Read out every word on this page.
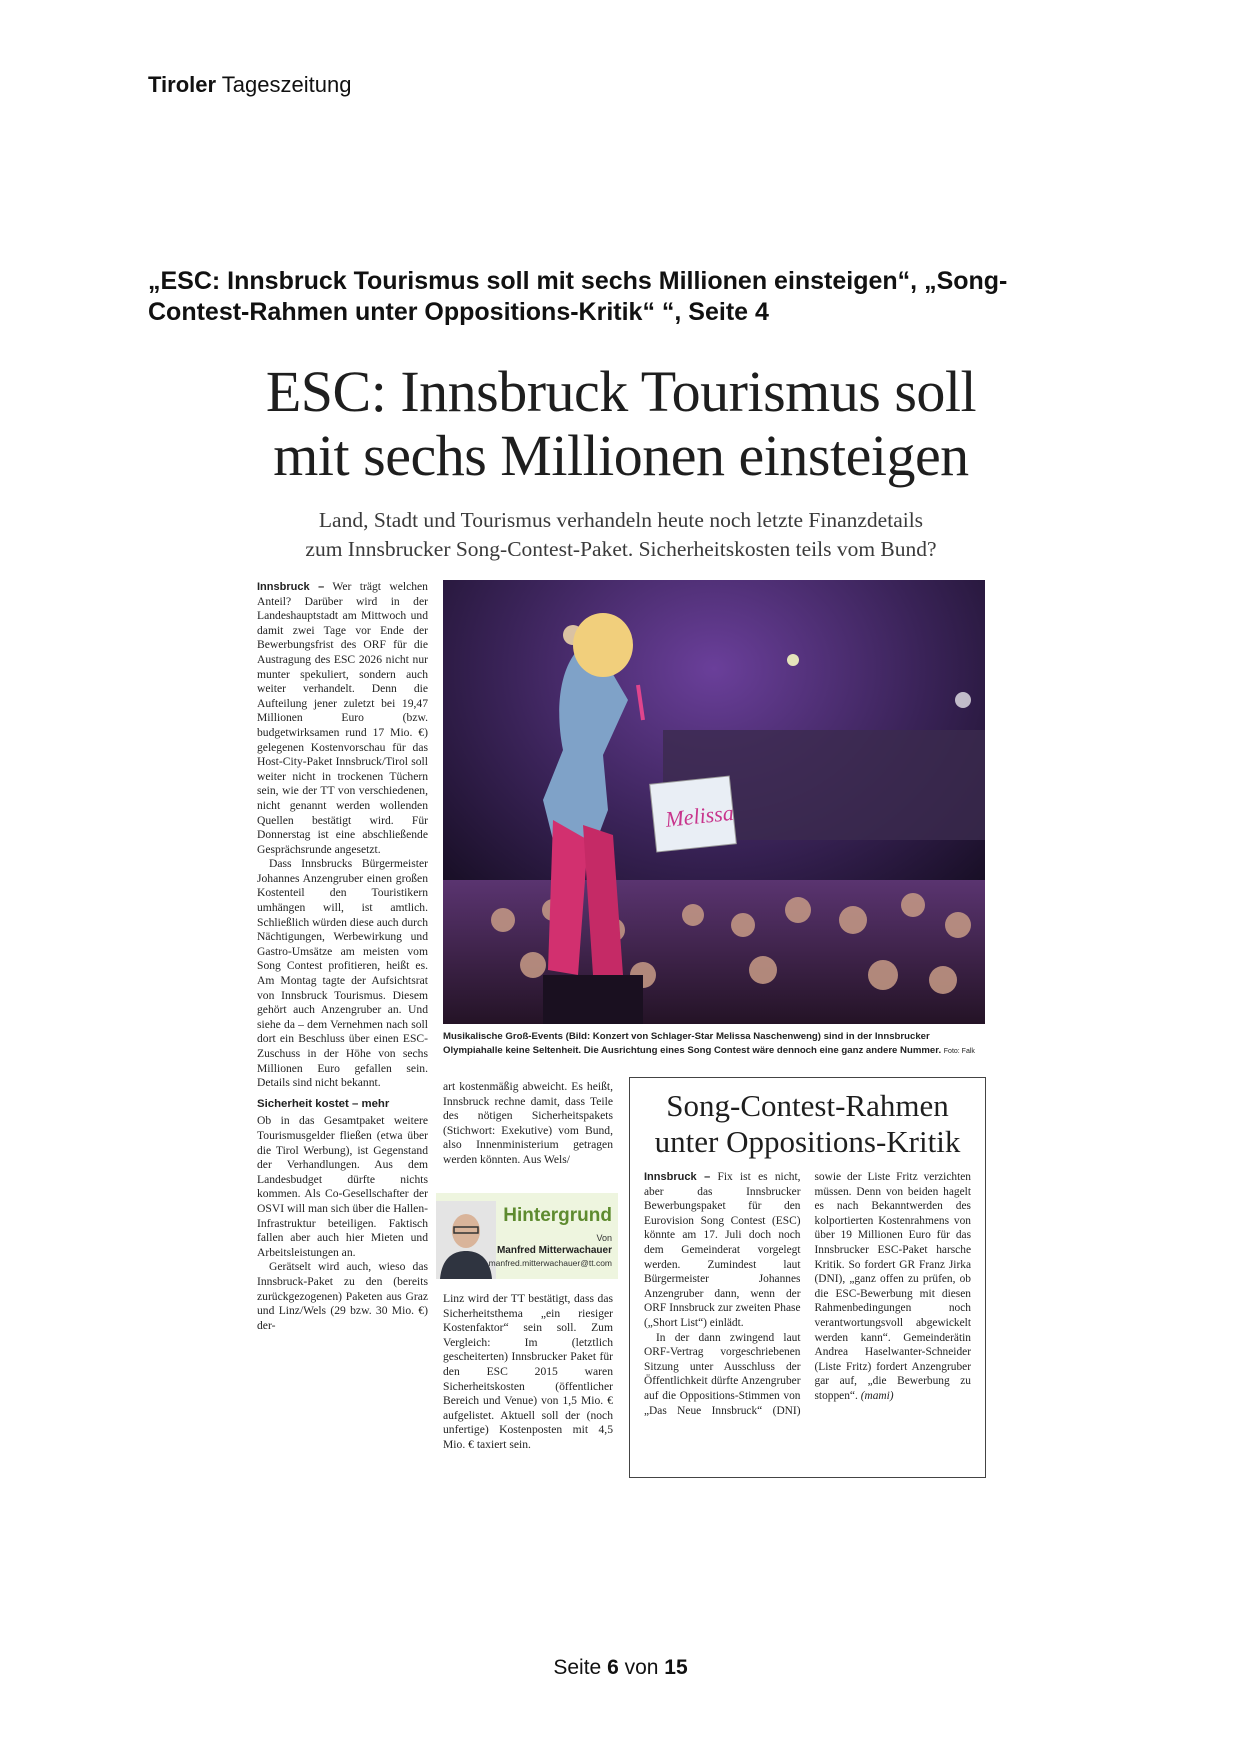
Tiroler Tageszeitung
„ESC: Innsbruck Tourismus soll mit sechs Millionen einsteigen“, „Song-Contest-Rahmen unter Oppositions-Kritik“ “, Seite 4
ESC: Innsbruck Tourismus soll
mit sechs Millionen einsteigen
Land, Stadt und Tourismus verhandeln heute noch letzte Finanzdetails
zum Innsbrucker Song-Contest-Paket. Sicherheitskosten teils vom Bund?

Innsbruck – Wer trägt welchen Anteil? Darüber wird in der Landeshauptstadt am Mittwoch und damit zwei Tage vor Ende der Bewerbungsfrist des ORF für die Austragung des ESC 2026 nicht nur munter spekuliert, sondern auch weiter verhandelt. Denn die Aufteilung jener zuletzt bei 19,47 Millionen Euro (bzw. budgetwirksamen rund 17 Mio. €) gelegenen Kostenvorschau für das Host-City-Paket Innsbruck/Tirol soll weiter nicht in trockenen Tüchern sein, wie der TT von verschiedenen, nicht genannt werden wollenden Quellen bestätigt wird. Für Donnerstag ist eine abschließende Gesprächsrunde angesetzt.

Dass Innsbrucks Bürgermeister Johannes Anzengruber einen großen Kostenteil den Touristikern umhängen will, ist amtlich. Schließlich würden diese auch durch Nächtigungen, Werbewirkung und Gastro-Umsätze am meisten vom Song Contest profitieren, heißt es. Am Montag tagte der Aufsichtsrat von Innsbruck Tourismus. Diesem gehört auch Anzengruber an. Und siehe da – dem Vernehmen nach soll dort ein Beschluss über einen ESC-Zuschuss in der Höhe von sechs Millionen Euro gefallen sein. Details sind nicht bekannt.

Sicherheit kostet – mehr

Ob in das Gesamtpaket weitere Tourismusgelder fließen (etwa über die Tirol Werbung), ist Gegenstand der Verhandlungen. Aus dem Landesbudget dürfte nichts kommen. Als Co-Gesellschafter der OSVI will man sich über die Hallen-Infrastruktur beteiligen. Faktisch fallen aber auch hier Mieten und Arbeitsleistungen an.

Gerätselt wird auch, wieso das Innsbruck-Paket zu den (bereits zurückgezogenen) Paketen aus Graz und Linz/Wels (29 bzw. 30 Mio. €) der-

Melissa
Musikalische Groß-Events (Bild: Konzert von Schlager-Star Melissa Naschenweng) sind in der Innsbrucker Olympiahalle keine Seltenheit. Die Ausrichtung eines Song Contest wäre dennoch eine ganz andere Nummer. Foto: Falk

art kostenmäßig abweicht. Es heißt, Innsbruck rechne damit, dass Teile des nötigen Sicherheitspakets (Stichwort: Exekutive) vom Bund, also Innenministerium getragen werden könnten. Aus Wels/

Hintergrund
Von
Manfred Mitterwachauer
manfred.mitterwachauer@tt.com

Linz wird der TT bestätigt, dass das Sicherheitsthema „ein riesiger Kostenfaktor“ sein soll. Zum Vergleich: Im (letztlich gescheiterten) Innsbrucker Paket für den ESC 2015 waren Sicherheitskosten (öffentlicher Bereich und Venue) von 1,5 Mio. € aufgelistet. Aktuell soll der (noch unfertige) Kostenposten mit 4,5 Mio. € taxiert sein.

Song-Contest-Rahmen
unter Oppositions-Kritik

Innsbruck – Fix ist es nicht, aber das Innsbrucker Bewerbungspaket für den Eurovision Song Contest (ESC) könnte am 17. Juli doch noch dem Gemeinderat vorgelegt werden. Zumindest laut Bürgermeister Johannes Anzengruber dann, wenn der ORF Innsbruck zur zweiten Phase („Short List“) einlädt.

In der dann zwingend laut ORF-Vertrag vorgeschriebenen Sitzung unter Ausschluss der Öffentlichkeit dürfte Anzengruber auf die Oppositions-Stimmen von „Das Neue Innsbruck“ (DNI) sowie der Liste Fritz verzichten müssen. Denn von beiden hagelt es nach Bekanntwerden des kolportierten Kostenrahmens von über 19 Millionen Euro für das Innsbrucker ESC-Paket harsche Kritik. So fordert GR Franz Jirka (DNI), „ganz offen zu prüfen, ob die ESC-Bewerbung mit diesen Rahmenbedingungen noch verantwortungsvoll abgewickelt werden kann“. Gemeinderätin Andrea Haselwanter-Schneider (Liste Fritz) fordert Anzengruber gar auf, „die Bewerbung zu stoppen“. (mami)

Seite 6 von 15
